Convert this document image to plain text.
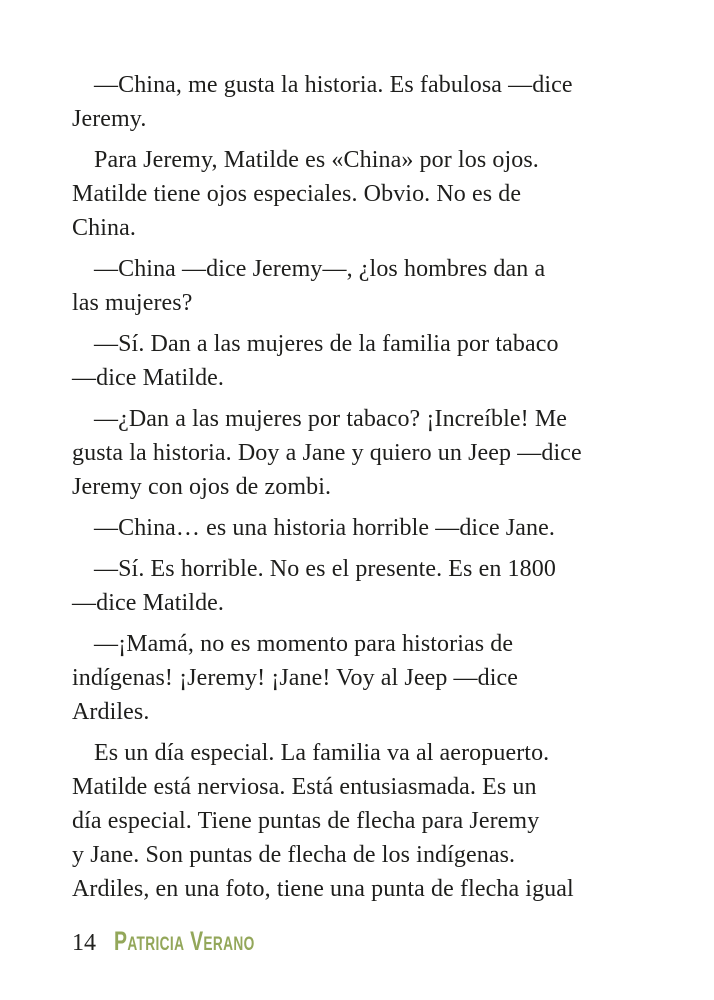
—China, me gusta la historia. Es fabulosa —dice
Jeremy.

Para Jeremy, Matilde es «China» por los ojos.
Matilde tiene ojos especiales. Obvio. No es de
China.

—China —dice Jeremy—, ¿los hombres dan a
las mujeres?

—Sí. Dan a las mujeres de la familia por tabaco
—dice Matilde.

—¿Dan a las mujeres por tabaco? ¡Increíble! Me
gusta la historia. Doy a Jane y quiero un Jeep —dice
Jeremy con ojos de zombi.

—China… es una historia horrible —dice Jane.

—Sí. Es horrible. No es el presente. Es en 1800
—dice Matilde.

—¡Mamá, no es momento para historias de
indígenas! ¡Jeremy! ¡Jane! Voy al Jeep —dice
Ardiles.

Es un día especial. La familia va al aeropuerto.
Matilde está nerviosa. Está entusiasmada. Es un
día especial. Tiene puntas de flecha para Jeremy
y Jane. Son puntas de flecha de los indígenas.
Ardiles, en una foto, tiene una punta de flecha igual

14 Patricia Verano
